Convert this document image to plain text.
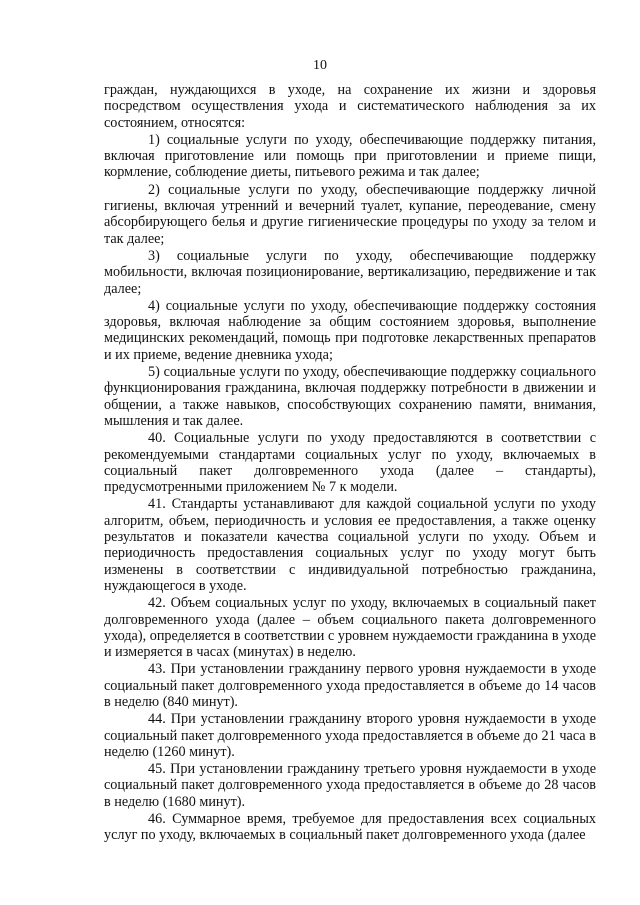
10

граждан, нуждающихся в уходе, на сохранение их жизни и здоровья посредством осуществления ухода и систематического наблюдения за их состоянием, относятся:

1) социальные услуги по уходу, обеспечивающие поддержку питания, включая приготовление или помощь при приготовлении и приеме пищи, кормление, соблюдение диеты, питьевого режима и так далее;

2) социальные услуги по уходу, обеспечивающие поддержку личной гигиены, включая утренний и вечерний туалет, купание, переодевание, смену абсорбирующего белья и другие гигиенические процедуры по уходу за телом и так далее;

3) социальные услуги по уходу, обеспечивающие поддержку мобильности, включая позиционирование, вертикализацию, передвижение и так далее;

4) социальные услуги по уходу, обеспечивающие поддержку состояния здоровья, включая наблюдение за общим состоянием здоровья, выполнение медицинских рекомендаций, помощь при подготовке лекарственных препаратов и их приеме, ведение дневника ухода;

5) социальные услуги по уходу, обеспечивающие поддержку социального функционирования гражданина, включая поддержку потребности в движении и общении, а также навыков, способствующих сохранению памяти, внимания, мышления и так далее.

40. Социальные услуги по уходу предоставляются в соответствии с рекомендуемыми стандартами социальных услуг по уходу, включаемых в социальный пакет долговременного ухода (далее – стандарты), предусмотренными приложением № 7 к модели.

41. Стандарты устанавливают для каждой социальной услуги по уходу алгоритм, объем, периодичность и условия ее предоставления, а также оценку результатов и показатели качества социальной услуги по уходу. Объем и периодичность предоставления социальных услуг по уходу могут быть изменены в соответствии с индивидуальной потребностью гражданина, нуждающегося в уходе.

42. Объем социальных услуг по уходу, включаемых в социальный пакет долговременного ухода (далее – объем социального пакета долговременного ухода), определяется в соответствии с уровнем нуждаемости гражданина в уходе и измеряется в часах (минутах) в неделю.

43. При установлении гражданину первого уровня нуждаемости в уходе социальный пакет долговременного ухода предоставляется в объеме до 14 часов в неделю (840 минут).

44. При установлении гражданину второго уровня нуждаемости в уходе социальный пакет долговременного ухода предоставляется в объеме до 21 часа в неделю (1260 минут).

45. При установлении гражданину третьего уровня нуждаемости в уходе социальный пакет долговременного ухода предоставляется в объеме до 28 часов в неделю (1680 минут).

46. Суммарное время, требуемое для предоставления всех социальных услуг по уходу, включаемых в социальный пакет долговременного ухода (далее
